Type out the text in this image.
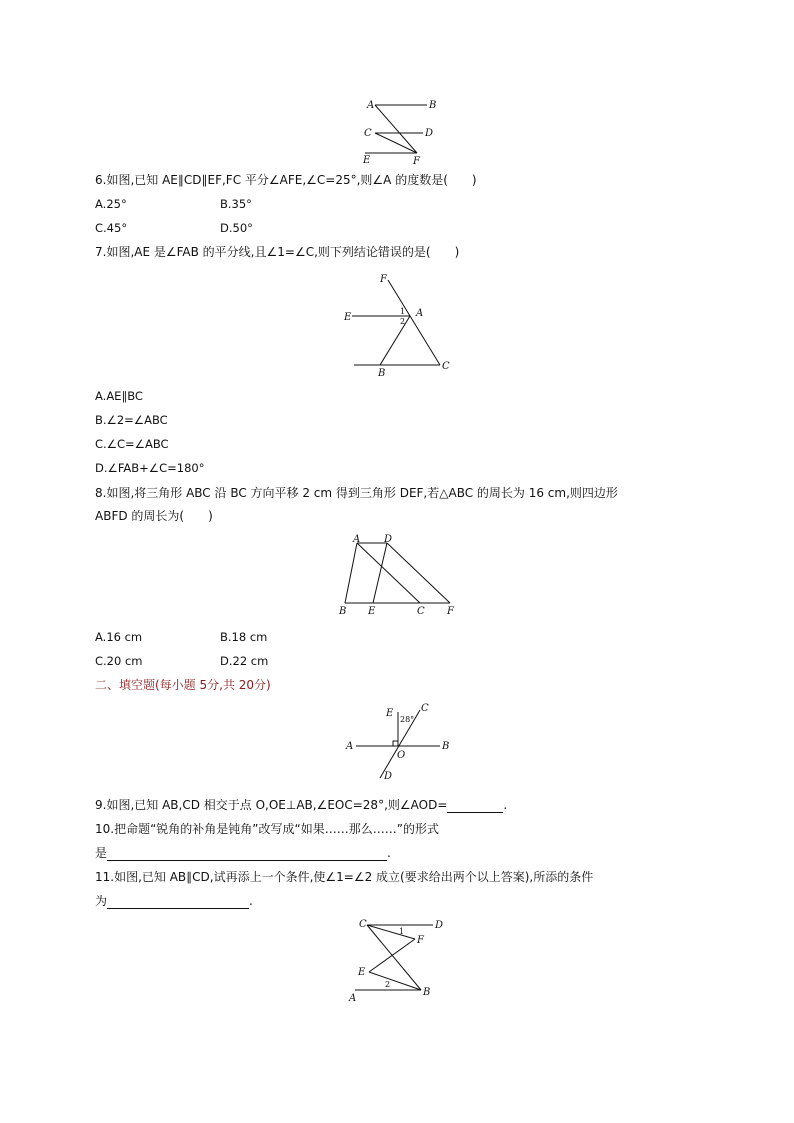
A	B
C	D
E	F
6.如图,已知 AE∥CD∥EF,FC 平分∠AFE,∠C=25°,则∠A 的度数是(　　)
A.25°	B.35°
C.45°	D.50°
7.如图,AE 是∠FAB 的平分线,且∠1=∠C,则下列结论错误的是(　　)
F
E	A
1
2
B
C
A.AE∥BC
B.∠2=∠ABC
C.∠C=∠ABC
D.∠FAB+∠C=180°
8.如图,将三角形 ABC 沿 BC 方向平移 2 cm 得到三角形 DEF,若△ABC 的周长为 16 cm,则四边形
ABFD 的周长为(　　)
A D
B E	C F
A.16 cm	B.18 cm
C.20 cm	D.22 cm
二、填空题(每小题 5分,共 20分)
E	C
28°
A
O
B
D
9.如图,已知 AB,CD 相交于点 O,OE⊥AB,∠EOC=28°,则∠AOD=	.
10.把命题“锐角的补角是钝角”改写成“如果……那么……”的形式
是	.
11.如图,已知 AB∥CD,试再添上一个条件,使∠1=∠2 成立(要求给出两个以上答案),所添的条件
为	.
C	D
1
F
E
2
A
B
